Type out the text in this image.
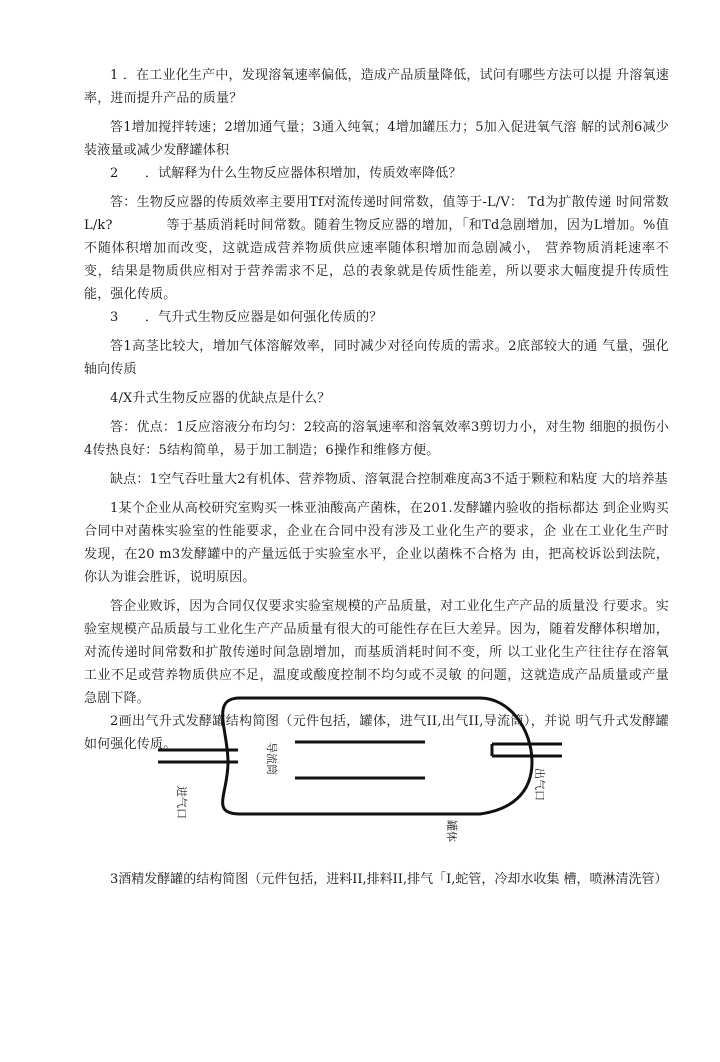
1 ．在工业化生产中，发现溶氧速率偏低，造成产品质量降低，试问有哪些方法可以提 升溶氧速率，进而提升产品的质量？

答1增加搅拌转速；2增加通气量；3通入纯氧；4增加罐压力；5加入促进氧气溶 解的试剂6减少装液量或减少发酵罐体积

2　　．试解释为什么生物反应器体积增加，传质效率降低？

答：生物反应器的传质效率主要用Tf对流传递时间常数，值等于-L/V： Td为扩散传递 时间常数L/k?　　　　等于基质消耗时间常数。随着生物反应器的增加，「和Td急剧增加，因为L增加。%值不随体积增加而改变，这就造成营养物质供应速率随体积增加而急剧减小， 营养物质消耗速率不变，结果是物质供应相对于营养需求不足，总的表象就是传质性能差，所以要求大幅度提升传质性能，强化传质。

3　　．气升式生物反应器是如何强化传质的？

答1高茎比较大，增加气体溶解效率，同时减少对径向传质的需求。2底部较大的通 气量，强化轴向传质

4/X升式生物反应器的优缺点是什么？

答：优点：1反应溶液分布均匀：2较高的溶氧速率和溶氧效率3剪切力小，对生物 细胞的损伤小4传热良好：5结构简单，易于加工制造；6操作和维修方便。

缺点：1空气吞吐量大2有机体、营养物质、溶氧混合控制难度高3不适于颗粒和粘度 大的培养基

1某个企业从高校研究室购买一株亚油酸高产菌株，在201.发酵罐内验收的指标都达 到企业购买合同中对菌株实验室的性能要求，企业在合同中没有涉及工业化生产的要求，企 业在工业化生产时发现，在20 m3发酵罐中的产量远低于实验室水平，企业以菌株不合格为 由，把高校诉讼到法院，你认为谁会胜诉，说明原因。

答企业败诉，因为合同仅仅要求实验室规模的产品质量，对工业化生产产品的质量没 行要求。实验室规模产品质最与工业化生产产品质量有很大的可能性存在巨大差异。因为，随着发酵体积增加，对流传递时间常数和扩散传递时间急剧增加，而基质消耗时间不变，所 以工业化生产往往存在溶氧工业不足或营养物质供应不足，温度或酸度控制不均匀或不灵敏 的问题，这就造成产品质量或产量急剧下降。

2画出气升式发酵罐结构简图（元件包括，罐体，进气II,出气II,导流筒），并说 明气升式发酵罐如何强化传质。	导流筒
进气口
出气口
罐体

3酒精发酵罐的结构简图（元件包括，进料II,排料II,排气「I,蛇管，冷却水收集 槽，喷淋清洗管）
